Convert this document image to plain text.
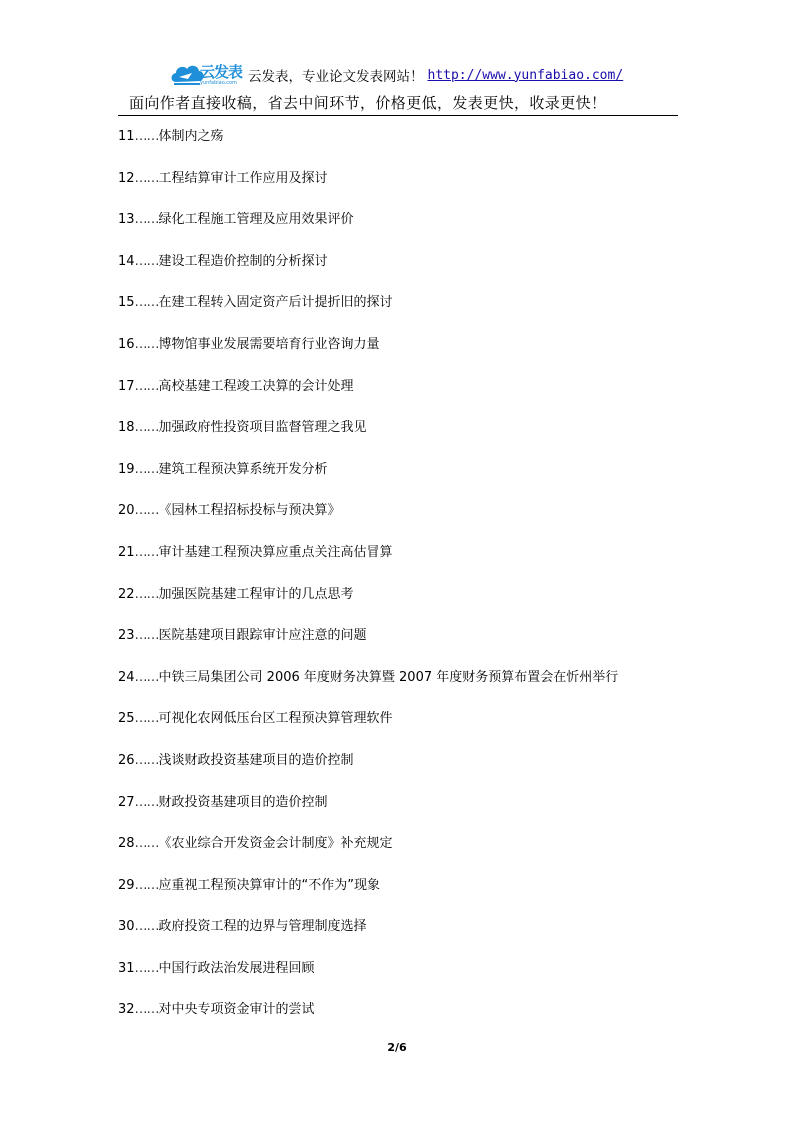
云发表
yunfabiao.com 云发表，专业论文发表网站！ http://www.yunfabiao.com/
面向作者直接收稿，省去中间环节，价格更低，发表更快，收录更快！
11……体制内之殇
12……工程结算审计工作应用及探讨
13……绿化工程施工管理及应用效果评价
14……建设工程造价控制的分析探讨
15……在建工程转入固定资产后计提折旧的探讨
16……博物馆事业发展需要培育行业咨询力量
17……高校基建工程竣工决算的会计处理
18……加强政府性投资项目监督管理之我见
19……建筑工程预决算系统开发分析
20……《园林工程招标投标与预决算》
21……审计基建工程预决算应重点关注高估冒算
22……加强医院基建工程审计的几点思考
23……医院基建项目跟踪审计应注意的问题
24……中铁三局集团公司 2006 年度财务决算暨 2007 年度财务预算布置会在忻州举行
25……可视化农网低压台区工程预决算管理软件
26……浅谈财政投资基建项目的造价控制
27……财政投资基建项目的造价控制
28……《农业综合开发资金会计制度》补充规定
29……应重视工程预决算审计的“不作为”现象
30……政府投资工程的边界与管理制度选择
31……中国行政法治发展进程回顾
32……对中央专项资金审计的尝试
2/6
